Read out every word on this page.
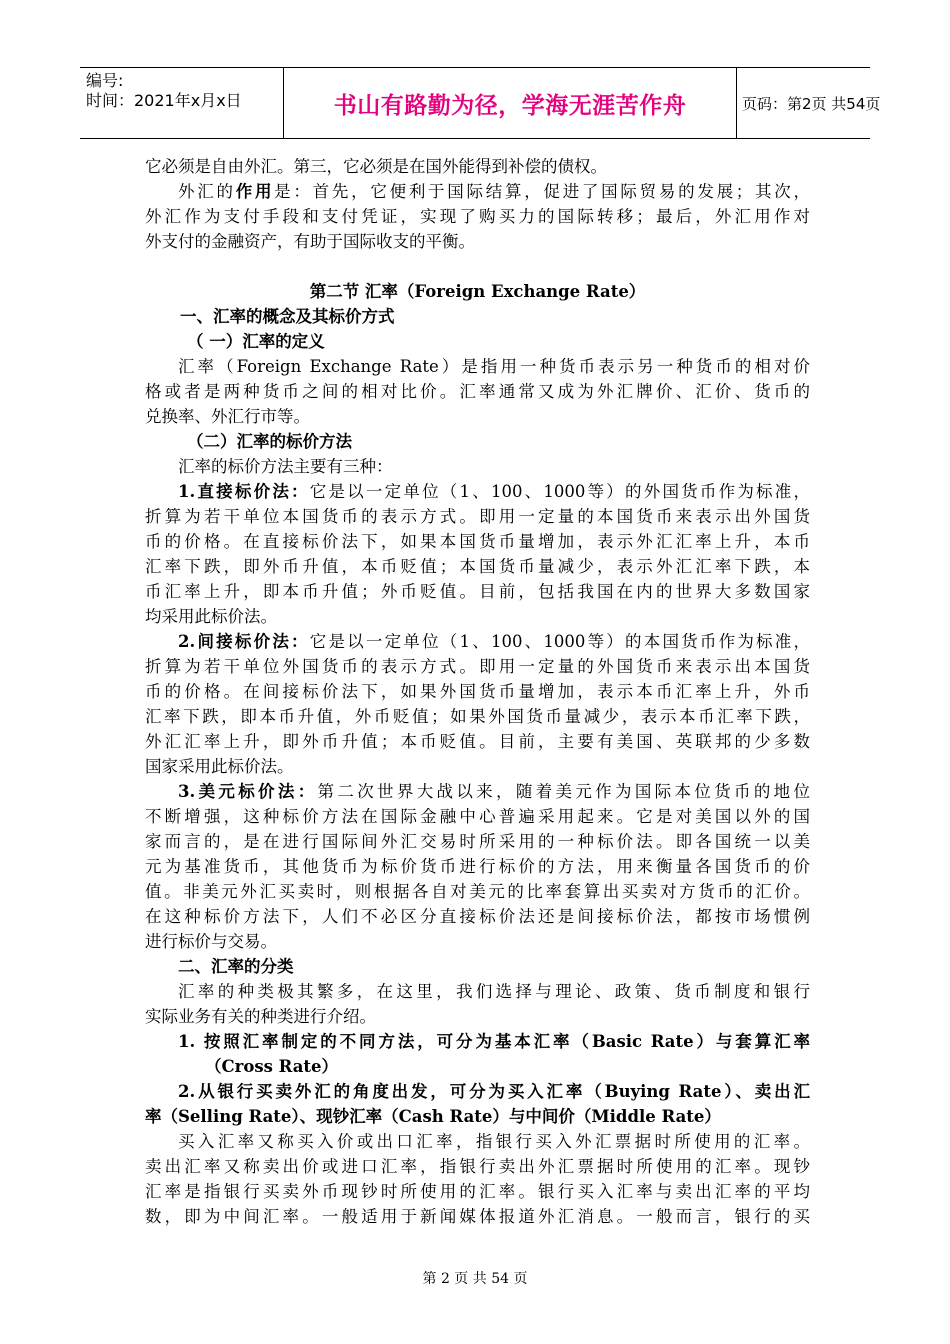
编号:
时间：2021年x月x日	书山有路勤为径，学海无涯苦作舟	页码：第2页 共54页
它必须是自由外汇。第三，它必须是在国外能得到补偿的债权。
外汇的作用是：首先，它便利于国际结算，促进了国际贸易的发展；其次，
外汇作为支付手段和支付凭证，实现了购买力的国际转移；最后，外汇用作对
外支付的金融资产，有助于国际收支的平衡。
第二节 汇率（Foreign Exchange Rate）
一、汇率的概念及其标价方式
（ 一）汇率的定义
汇率（Foreign Exchange Rate）是指用一种货币表示另一种货币的相对价
格或者是两种货币之间的相对比价。汇率通常又成为外汇牌价、汇价、货币的
兑换率、外汇行市等。
（二）汇率的标价方法
汇率的标价方法主要有三种：
1.直接标价法：它是以一定单位（1、100、1000等）的外国货币作为标准，
折算为若干单位本国货币的表示方式。即用一定量的本国货币来表示出外国货
币的价格。在直接标价法下，如果本国货币量增加，表示外汇汇率上升，本币
汇率下跌，即外币升值，本币贬值；本国货币量减少，表示外汇汇率下跌，本
币汇率上升，即本币升值；外币贬值。目前，包括我国在内的世界大多数国家
均采用此标价法。
2.间接标价法：它是以一定单位（1、100、1000等）的本国货币作为标准，
折算为若干单位外国货币的表示方式。即用一定量的外国货币来表示出本国货
币的价格。在间接标价法下，如果外国货币量增加，表示本币汇率上升，外币
汇率下跌，即本币升值，外币贬值；如果外国货币量减少，表示本币汇率下跌，
外汇汇率上升，即外币升值；本币贬值。目前，主要有美国、英联邦的少多数
国家采用此标价法。
3.美元标价法：第二次世界大战以来，随着美元作为国际本位货币的地位
不断增强，这种标价方法在国际金融中心普遍采用起来。它是对美国以外的国
家而言的，是在进行国际间外汇交易时所采用的一种标价法。即各国统一以美
元为基准货币，其他货币为标价货币进行标价的方法，用来衡量各国货币的价
值。非美元外汇买卖时，则根据各自对美元的比率套算出买卖对方货币的汇价。
在这种标价方法下，人们不必区分直接标价法还是间接标价法，都按市场惯例
进行标价与交易。
二、汇率的分类
汇率的种类极其繁多，在这里，我们选择与理论、政策、货币制度和银行
实际业务有关的种类进行介绍。
1. 按照汇率制定的不同方法，可分为基本汇率（Basic Rate）与套算汇率
（Cross Rate）
2.从银行买卖外汇的角度出发，可分为买入汇率（Buying Rate）、卖出汇
率（Selling Rate）、现钞汇率（Cash Rate）与中间价（Middle Rate）
买入汇率又称买入价或出口汇率，指银行买入外汇票据时所使用的汇率。
卖出汇率又称卖出价或进口汇率，指银行卖出外汇票据时所使用的汇率。现钞
汇率是指银行买卖外币现钞时所使用的汇率。银行买入汇率与卖出汇率的平均
数，即为中间汇率。一般适用于新闻媒体报道外汇消息。一般而言，银行的买
第 2 页 共 54 页
